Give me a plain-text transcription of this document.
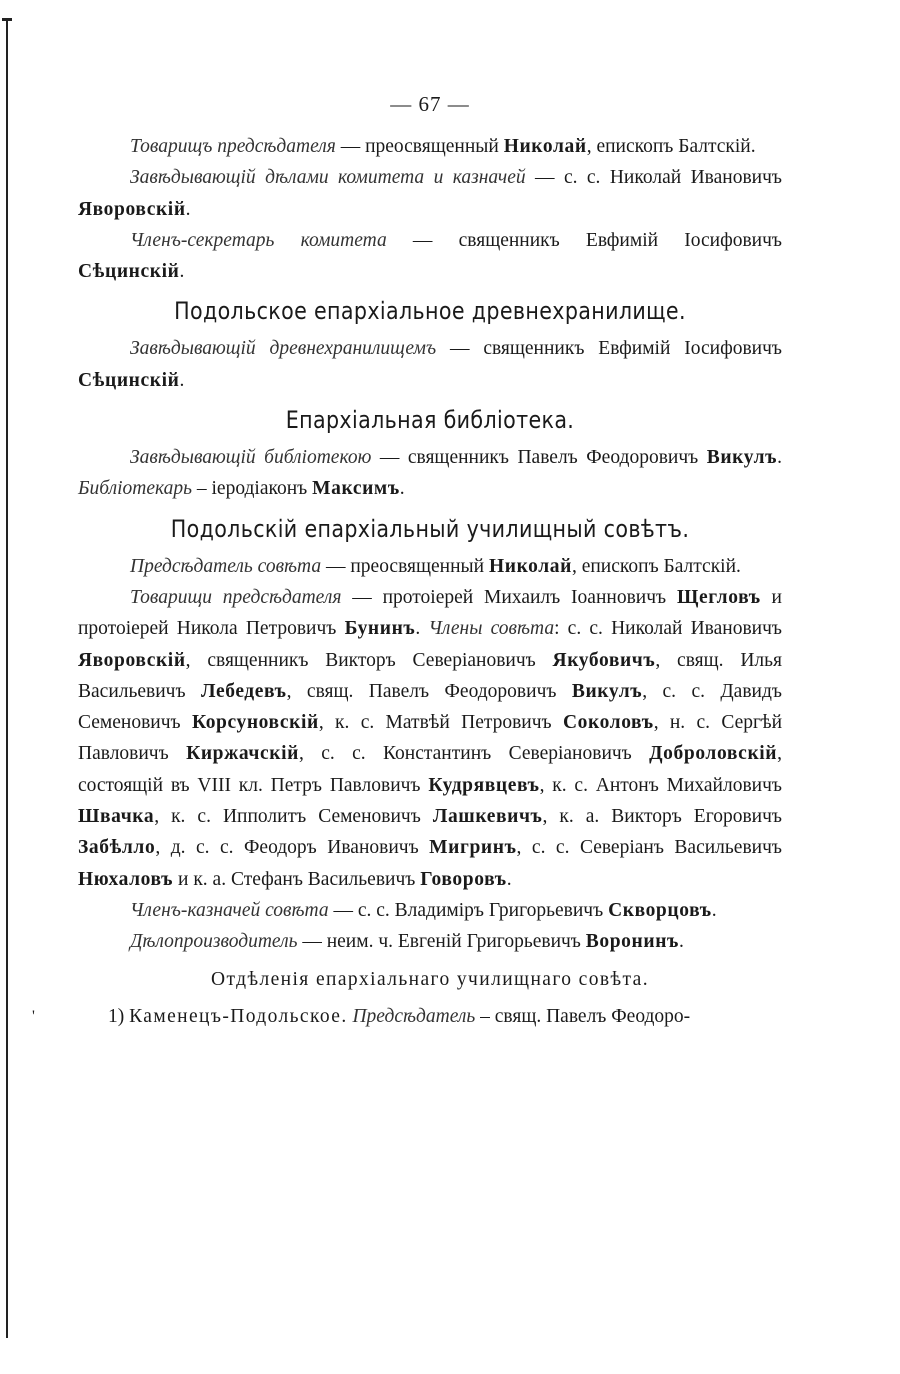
'
— 67 —

Товарищъ предсѣдателя — преосвященный Николай, епископъ Балтскій.

Завѣдывающій дѣлами комитета и казначей — с. с. Николай Ивановичъ Яворовскій.

Членъ-секретарь комитета — священникъ Евфимій Іосифовичъ Сѣцинскій.

Подольское епархіальное древнехранилище.

Завѣдывающій древнехранилищемъ — священникъ Евфимій Іосифовичъ Сѣцинскій.

Епархіальная библіотека.

Завѣдывающій библіотекою — священникъ Павелъ Феодоровичъ Викулъ. Библіотекарь – іеродіаконъ Максимъ.

Подольскій епархіальный училищный совѣтъ.

Предсѣдатель совѣта — преосвященный Николай, епископъ Балтскій.

Товарищи предсѣдателя — протоіерей Михаилъ Іоанновичъ Щегловъ и протоіерей Никола Петровичъ Бунинъ. Члены совѣта: с. с. Николай Ивановичъ Яворовскій, священникъ Викторъ Северіановичъ Якубовичъ, свящ. Илья Васильевичъ Лебедевъ, свящ. Павелъ Феодоровичъ Викулъ, с. с. Давидъ Семеновичъ Корсуновскій, к. с. Матвѣй Петровичъ Соколовъ, н. с. Сергѣй Павловичъ Киржачскій, с. с. Константинъ Северіановичъ Доброловскій, состоящій въ VIII кл. Петръ Павловичъ Кудрявцевъ, к. с. Антонъ Михайловичъ Швачка, к. с. Ипполитъ Семеновичъ Лашкевичъ, к. а. Викторъ Егоровичъ Забѣлло, д. с. с. Феодоръ Ивановичъ Мигринъ, с. с. Северіанъ Васильевичъ Нюхаловъ и к. а. Стефанъ Васильевичъ Говоровъ.

Членъ-казначей совѣта — с. с. Владиміръ Григорьевичъ Скворцовъ.

Дѣлопроизводитель — неим. ч. Евгеній Григорьевичъ Воронинъ.

Отдѣленія епархіальнаго училищнаго совѣта.

1) Каменецъ-Подольское. Предсѣдатель – свящ. Павелъ Феодоро-
